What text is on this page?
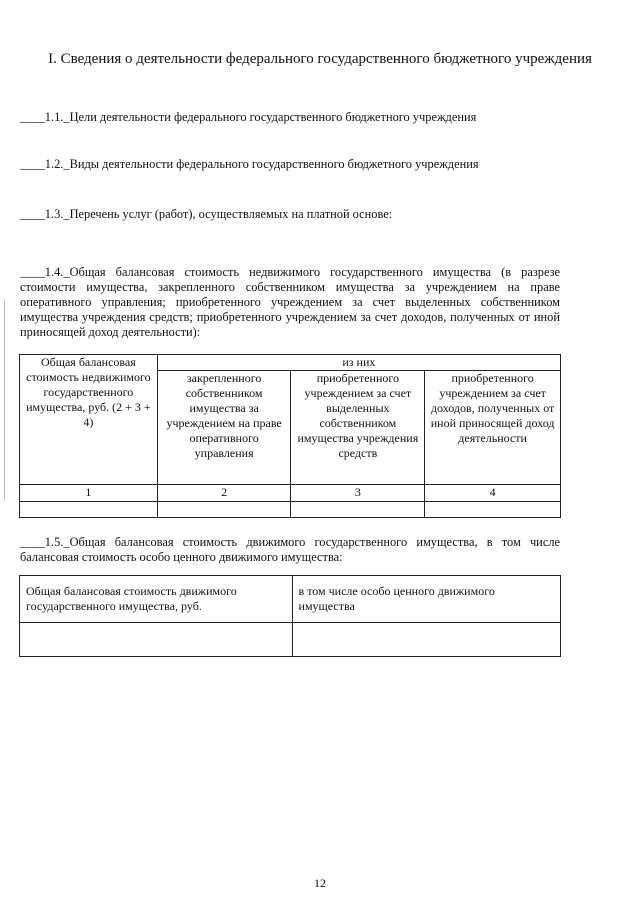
I. Сведения о деятельности федерального государственного бюджетного учреждения
____1.1._Цели деятельности федерального государственного бюджетного учреждения
____1.2._Виды деятельности федерального государственного бюджетного учреждения
____1.3._Перечень услуг (работ), осуществляемых на платной основе:
____1.4._Общая балансовая стоимость недвижимого государственного имущества (в разрезе стоимости имущества, закрепленного собственником имущества за учреждением на праве оперативного управления; приобретенного учреждением за счет выделенных собственником имущества учреждения средств; приобретенного учреждением за счет доходов, полученных от иной приносящей доход деятельности):
Общая балансовая стоимость недвижимого государственного имущества, руб. (2 + 3 + 4)	из них		
	закрепленного собственником имущества за учреждением на праве оперативного управления	приобретенного учреждением за счет выделенных собственником имущества учреждения средств	приобретенного учреждением за счет доходов, полученных от иной приносящей доход деятельности
1	2	3	4

____1.5._Общая балансовая стоимость движимого государственного имущества, в том числе балансовая стоимость особо ценного движимого имущества:
Общая балансовая стоимость движимого государственного имущества, руб.	в том числе особо ценного движимого имущества

12
